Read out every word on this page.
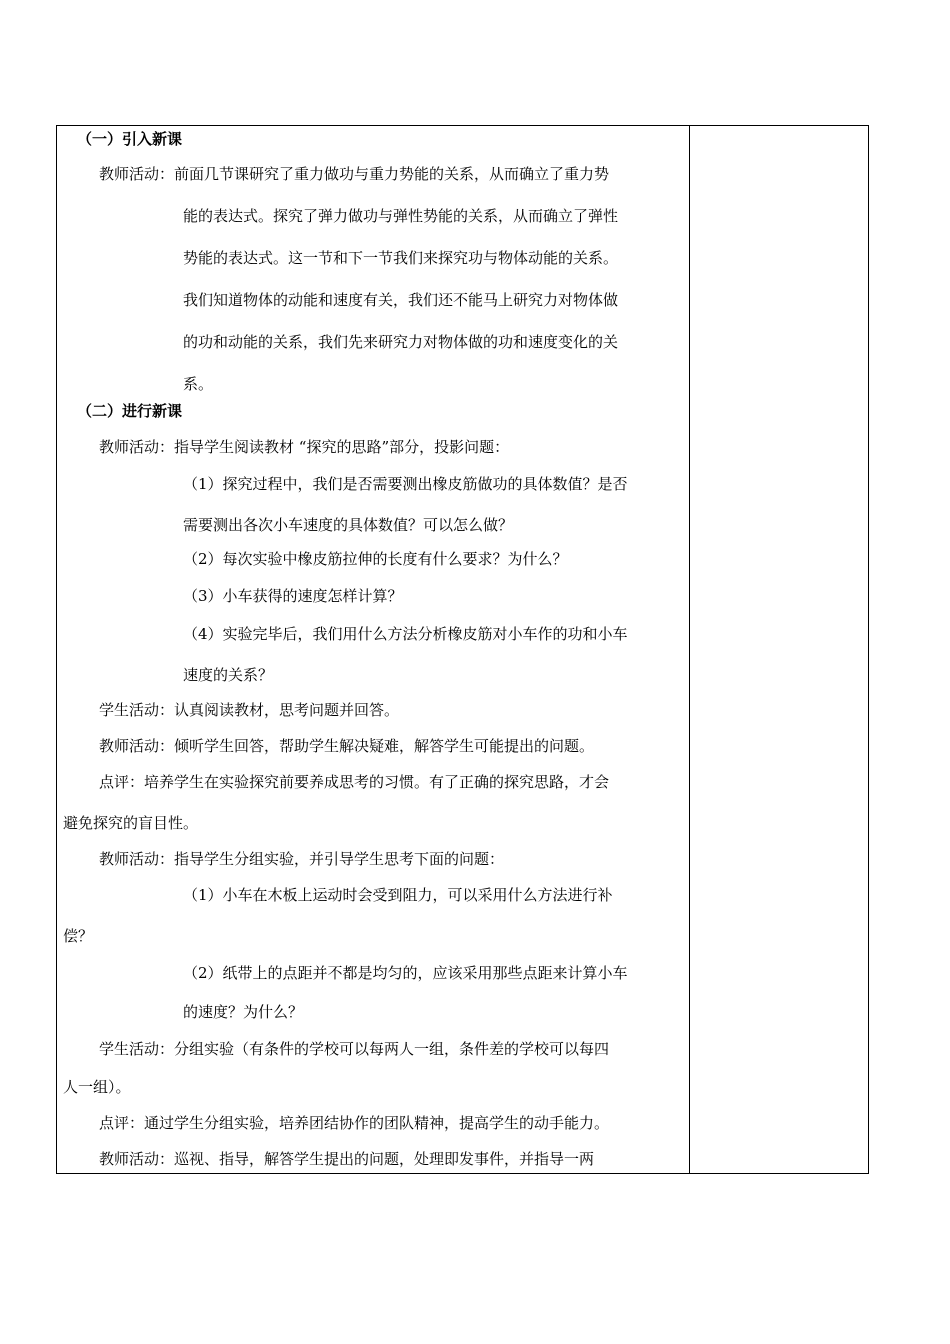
（一）引入新课
教师活动：前面几节课研究了重力做功与重力势能的关系，从而确立了重力势
能的表达式。探究了弹力做功与弹性势能的关系，从而确立了弹性
势能的表达式。这一节和下一节我们来探究功与物体动能的关系。
我们知道物体的动能和速度有关，我们还不能马上研究力对物体做
的功和动能的关系，我们先来研究力对物体做的功和速度变化的关
系。
（二）进行新课
教师活动：指导学生阅读教材 “探究的思路”部分，投影问题：
（1）探究过程中，我们是否需要测出橡皮筋做功的具体数值？是否
需要测出各次小车速度的具体数值？可以怎么做？
（2）每次实验中橡皮筋拉伸的长度有什么要求？为什么？
（3）小车获得的速度怎样计算？
（4）实验完毕后，我们用什么方法分析橡皮筋对小车作的功和小车
速度的关系？
学生活动：认真阅读教材，思考问题并回答。
教师活动：倾听学生回答，帮助学生解决疑难，解答学生可能提出的问题。
点评：培养学生在实验探究前要养成思考的习惯。有了正确的探究思路，才会
避免探究的盲目性。
教师活动：指导学生分组实验，并引导学生思考下面的问题：
（1）小车在木板上运动时会受到阻力，可以采用什么方法进行补
偿？
（2）纸带上的点距并不都是均匀的，应该采用那些点距来计算小车
的速度？为什么？
学生活动：分组实验（有条件的学校可以每两人一组，条件差的学校可以每四
人一组）。
点评：通过学生分组实验，培养团结协作的团队精神，提高学生的动手能力。
教师活动：巡视、指导，解答学生提出的问题，处理即发事件，并指导一两
